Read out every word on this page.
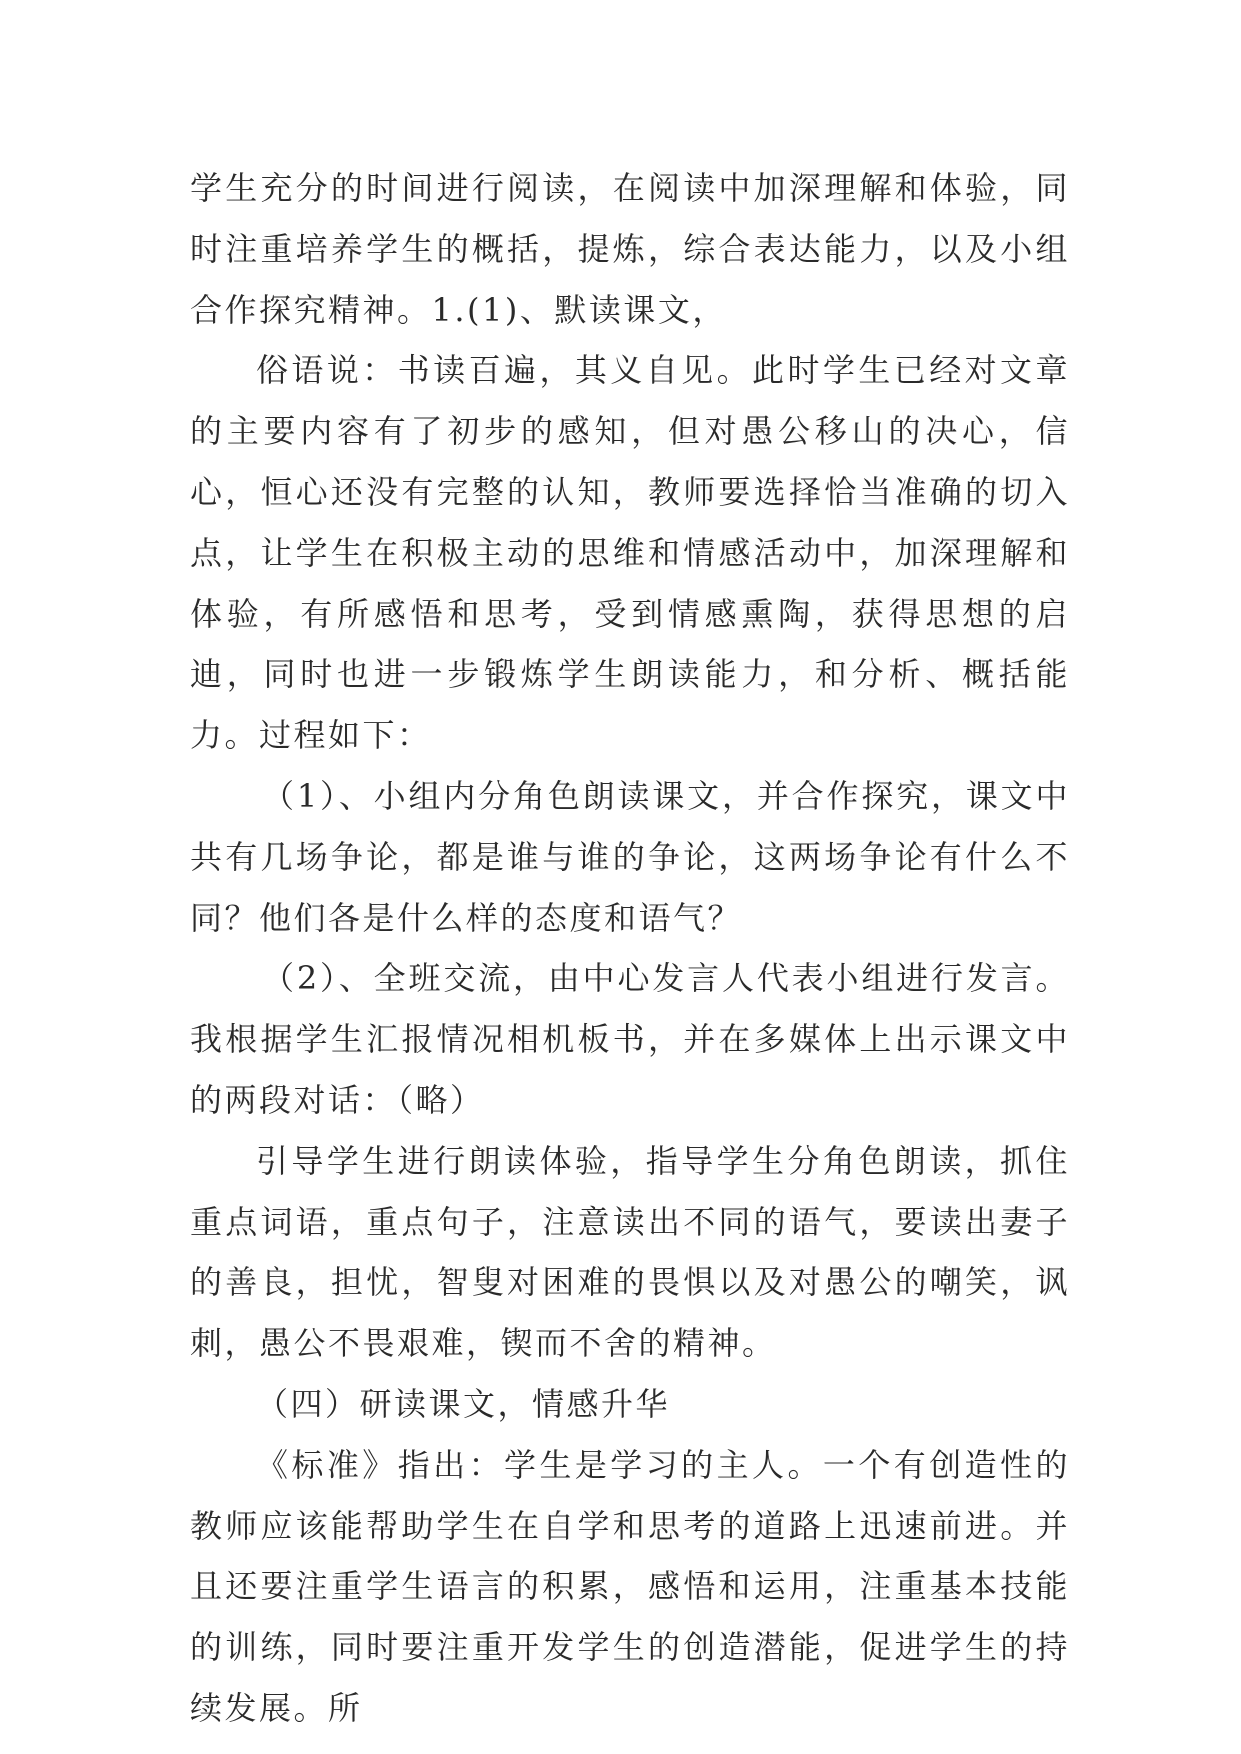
学生充分的时间进行阅读，在阅读中加深理解和体验，同时注重培养学生的概括，提炼，综合表达能力，以及小组合作探究精神。1.(1)、默读课文，

俗语说：书读百遍，其义自见。此时学生已经对文章的主要内容有了初步的感知，但对愚公移山的决心，信心，恒心还没有完整的认知，教师要选择恰当准确的切入点，让学生在积极主动的思维和情感活动中，加深理解和体验，有所感悟和思考，受到情感熏陶，获得思想的启迪，同时也进一步锻炼学生朗读能力，和分析、概括能力。过程如下：

（1）、小组内分角色朗读课文，并合作探究，课文中共有几场争论，都是谁与谁的争论，这两场争论有什么不同？他们各是什么样的态度和语气？

（2）、全班交流，由中心发言人代表小组进行发言。我根据学生汇报情况相机板书，并在多媒体上出示课文中的两段对话：（略）

引导学生进行朗读体验，指导学生分角色朗读，抓住重点词语，重点句子，注意读出不同的语气，要读出妻子的善良，担忧，智叟对困难的畏惧以及对愚公的嘲笑，讽刺，愚公不畏艰难，锲而不舍的精神。

（四）研读课文，情感升华

《标准》指出：学生是学习的主人。一个有创造性的教师应该能帮助学生在自学和思考的道路上迅速前进。并且还要注重学生语言的积累，感悟和运用，注重基本技能的训练，同时要注重开发学生的创造潜能，促进学生的持续发展。所
